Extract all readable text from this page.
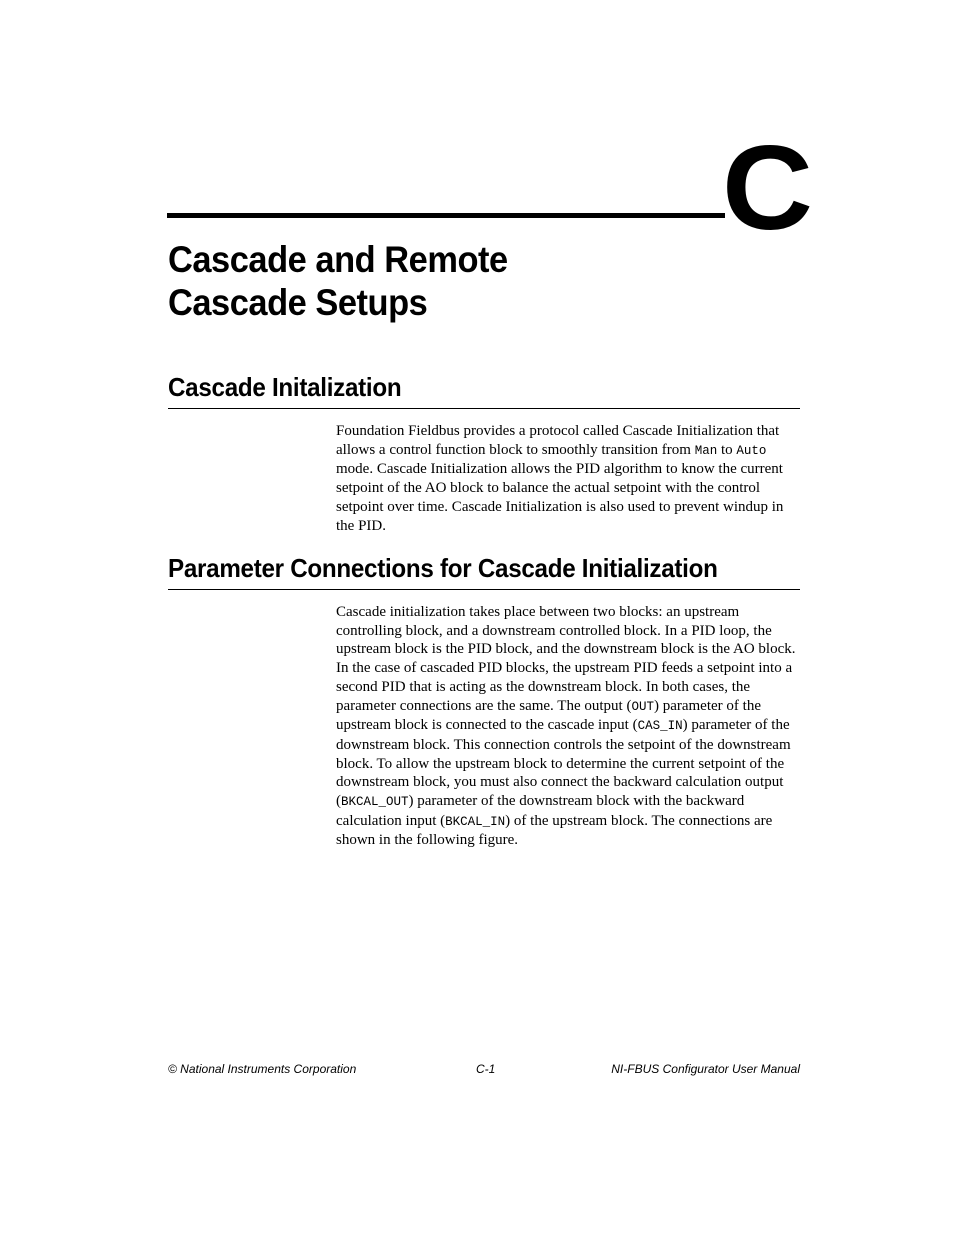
C
Cascade and Remote Cascade Setups
Cascade Initalization

Foundation Fieldbus provides a protocol called Cascade Initialization that allows a control function block to smoothly transition from Man to Auto mode. Cascade Initialization allows the PID algorithm to know the current setpoint of the AO block to balance the actual setpoint with the control setpoint over time. Cascade Initialization is also used to prevent windup in the PID.

Parameter Connections for Cascade Initialization

Cascade initialization takes place between two blocks: an upstream controlling block, and a downstream controlled block. In a PID loop, the upstream block is the PID block, and the downstream block is the AO block. In the case of cascaded PID blocks, the upstream PID feeds a setpoint into a second PID that is acting as the downstream block. In both cases, the parameter connections are the same. The output (OUT) parameter of the upstream block is connected to the cascade input (CAS_IN) parameter of the downstream block. This connection controls the setpoint of the downstream block. To allow the upstream block to determine the current setpoint of the downstream block, you must also connect the backward calculation output (BKCAL_OUT) parameter of the downstream block with the backward calculation input (BKCAL_IN) of the upstream block. The connections are shown in the following figure.

© National Instruments Corporation	C-1	NI-FBUS Configurator User Manual
